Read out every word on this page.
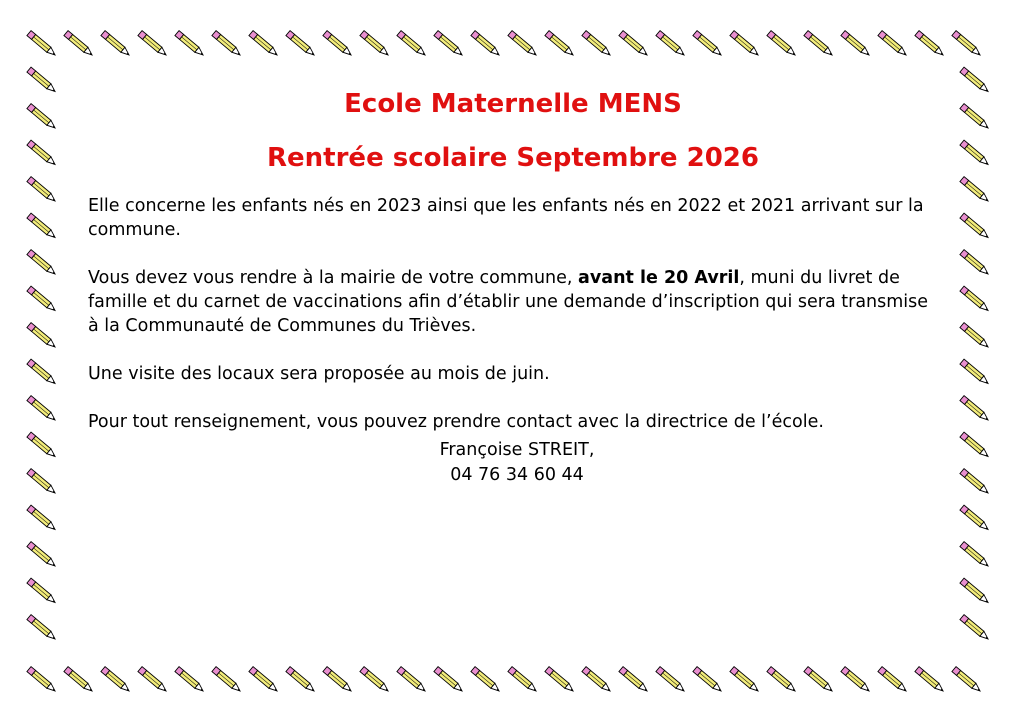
Ecole Maternelle MENS
Rentrée scolaire Septembre 2026

Elle concerne les enfants nés en 2023 ainsi que les enfants nés en 2022 et 2021 arrivant sur la commune.

Vous devez vous rendre à la mairie de votre commune, avant le 20 Avril, muni du livret de famille et du carnet de vaccinations afin d’établir une demande d’inscription qui sera transmise à la Communauté de Communes du Trièves.

Une visite des locaux sera proposée au mois de juin.

Pour tout renseignement, vous pouvez prendre contact avec la directrice de l’école.

Françoise STREIT,
04 76 34 60 44
